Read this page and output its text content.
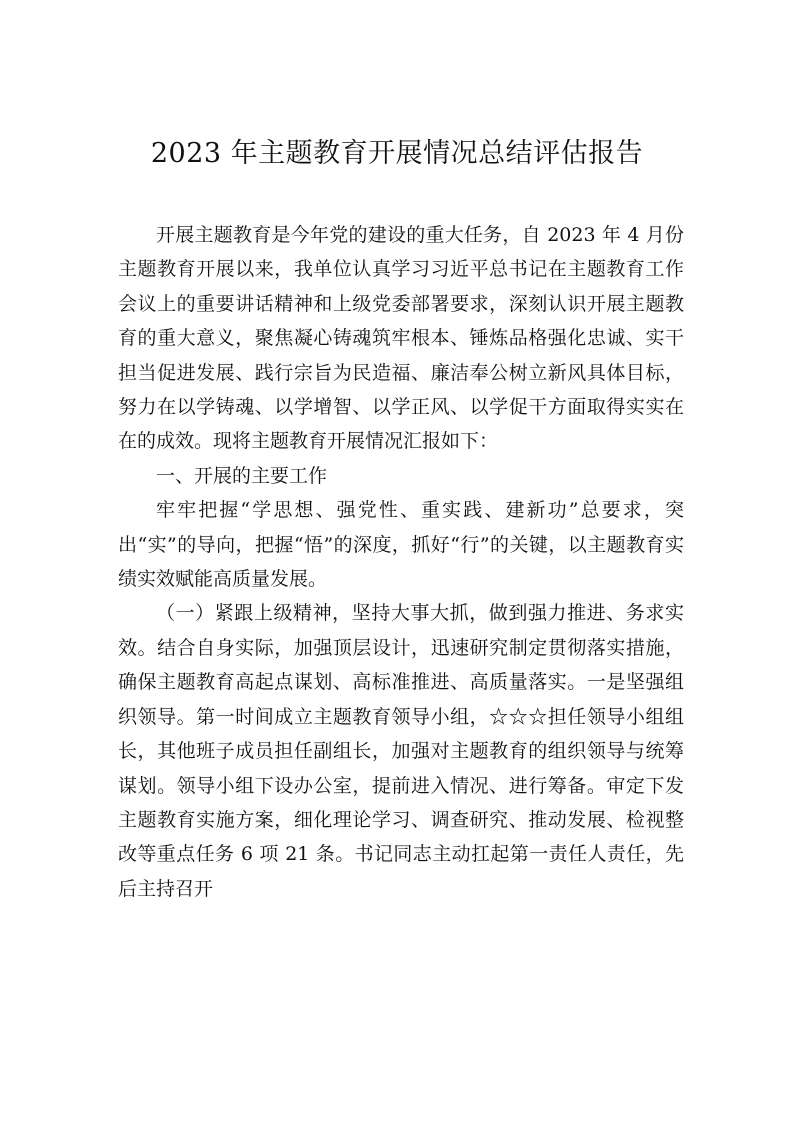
2023 年主题教育开展情况总结评估报告

开展主题教育是今年党的建设的重大任务，自 2023 年 4 月份主题教育开展以来，我单位认真学习习近平总书记在主题教育工作会议上的重要讲话精神和上级党委部署要求，深刻认识开展主题教育的重大意义，聚焦凝心铸魂筑牢根本、锤炼品格强化忠诚、实干担当促进发展、践行宗旨为民造福、廉洁奉公树立新风具体目标，努力在以学铸魂、以学增智、以学正风、以学促干方面取得实实在在的成效。现将主题教育开展情况汇报如下：

一、开展的主要工作

牢牢把握“学思想、强党性、重实践、建新功”总要求，突出“实”的导向，把握“悟”的深度，抓好“行”的关键，以主题教育实绩实效赋能高质量发展。

（一）紧跟上级精神，坚持大事大抓，做到强力推进、务求实效。结合自身实际，加强顶层设计，迅速研究制定贯彻落实措施，确保主题教育高起点谋划、高标准推进、高质量落实。一是坚强组织领导。第一时间成立主题教育领导小组，☆☆☆担任领导小组组长，其他班子成员担任副组长，加强对主题教育的组织领导与统筹谋划。领导小组下设办公室，提前进入情况、进行筹备。审定下发主题教育实施方案，细化理论学习、调查研究、推动发展、检视整改等重点任务 6 项 21 条。书记同志主动扛起第一责任人责任，先后主持召开
